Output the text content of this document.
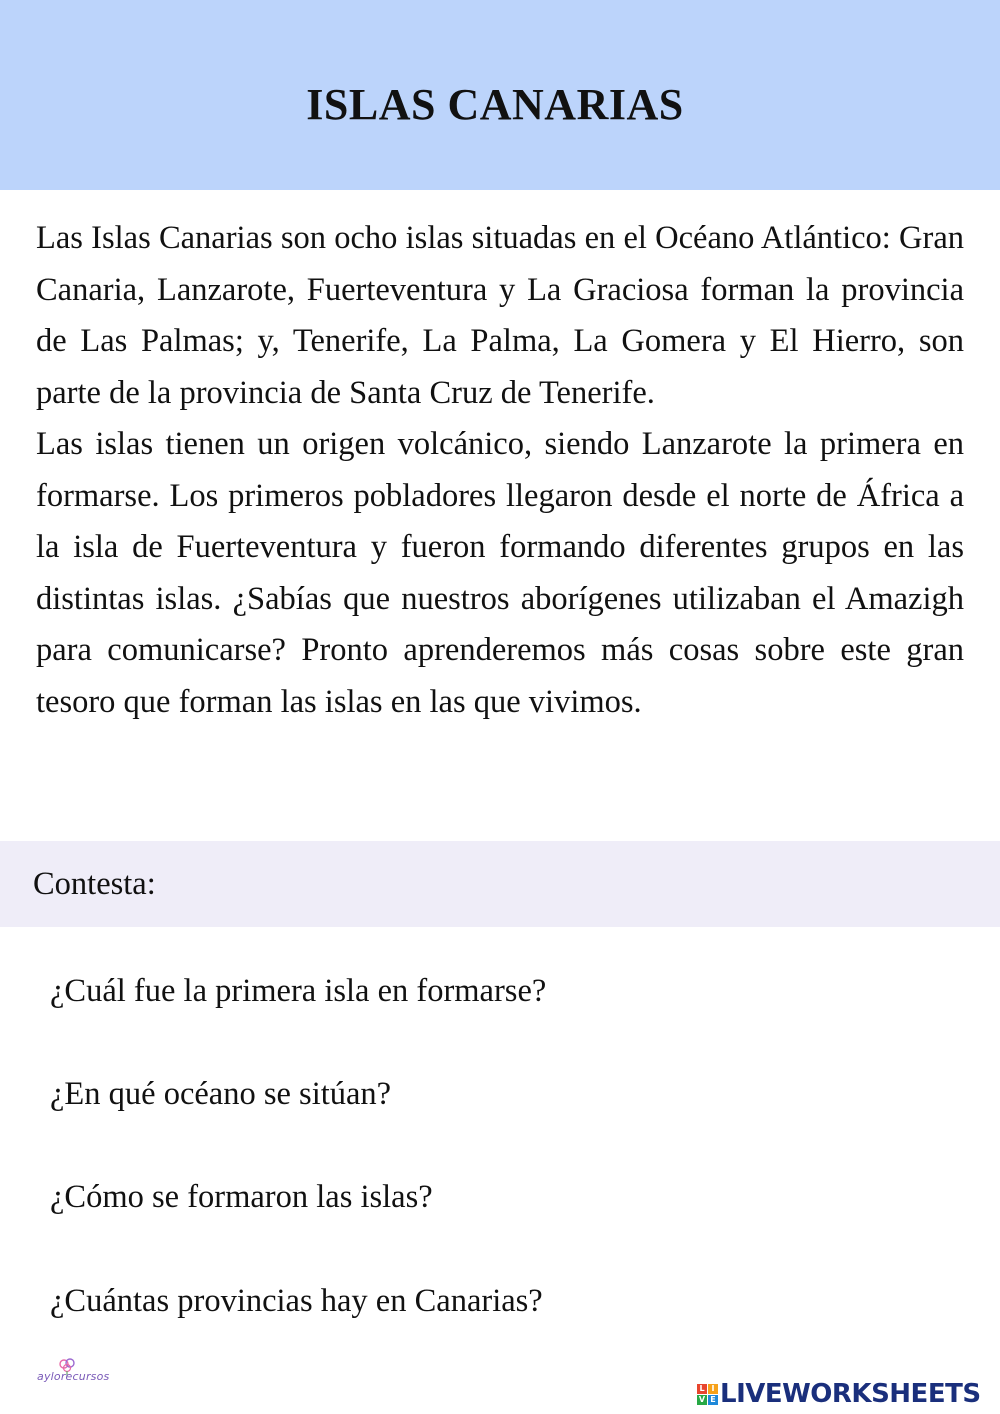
ISLAS CANARIAS

Las Islas Canarias son ocho islas situadas en el Océano Atlántico: Gran Canaria, Lanzarote, Fuerteventura y La Graciosa forman la provincia de Las Palmas; y, Tenerife, La Palma, La Gomera y El Hierro, son parte de la provincia de Santa Cruz de Tenerife.

Las islas tienen un origen volcánico, siendo Lanzarote la primera en formarse. Los primeros pobladores llegaron desde el norte de África a la isla de Fuerteventura y fueron formando diferentes grupos en las distintas islas. ¿Sabías que nuestros aborígenes utilizaban el Amazigh para comunicarse? Pronto aprenderemos más cosas sobre este gran tesoro que forman las islas en las que vivimos.

Contesta:
¿Cuál fue la primera isla en formarse?
¿En qué océano se sitúan?
¿Cómo se formaron las islas?
¿Cuántas provincias hay en Canarias?
aylorecursos
L I
V E LIVEWORKSHEETS
